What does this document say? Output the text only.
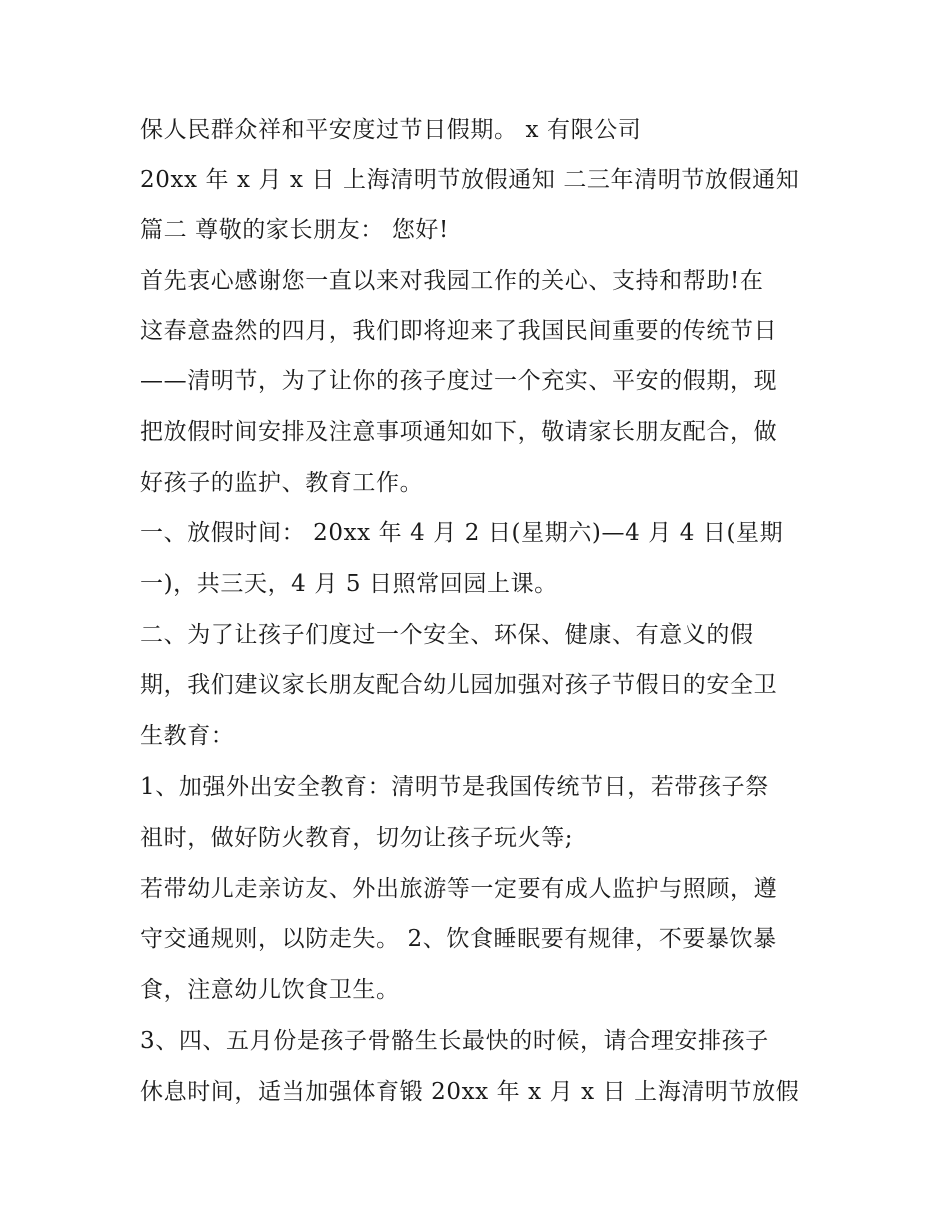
保人民群众祥和平安度过节日假期。 x 有限公司
20xx 年 x 月 x 日 上海清明节放假通知 二三年清明节放假通知
篇二 尊敬的家长朋友： 您好!
首先衷心感谢您一直以来对我园工作的关心、支持和帮助!在
这春意盎然的四月，我们即将迎来了我国民间重要的传统节日
——清明节，为了让你的孩子度过一个充实、平安的假期，现
把放假时间安排及注意事项通知如下，敬请家长朋友配合，做
好孩子的监护、教育工作。
一、放假时间： 20xx 年 4 月 2 日(星期六)—4 月 4 日(星期
一)，共三天，4 月 5 日照常回园上课。
二、为了让孩子们度过一个安全、环保、健康、有意义的假
期，我们建议家长朋友配合幼儿园加强对孩子节假日的安全卫
生教育：
1、加强外出安全教育：清明节是我国传统节日，若带孩子祭
祖时，做好防火教育，切勿让孩子玩火等;
若带幼儿走亲访友、外出旅游等一定要有成人监护与照顾，遵
守交通规则，以防走失。 2、饮食睡眠要有规律，不要暴饮暴
食，注意幼儿饮食卫生。
3、四、五月份是孩子骨骼生长最快的时候，请合理安排孩子
休息时间，适当加强体育锻 20xx 年 x 月 x 日 上海清明节放假
